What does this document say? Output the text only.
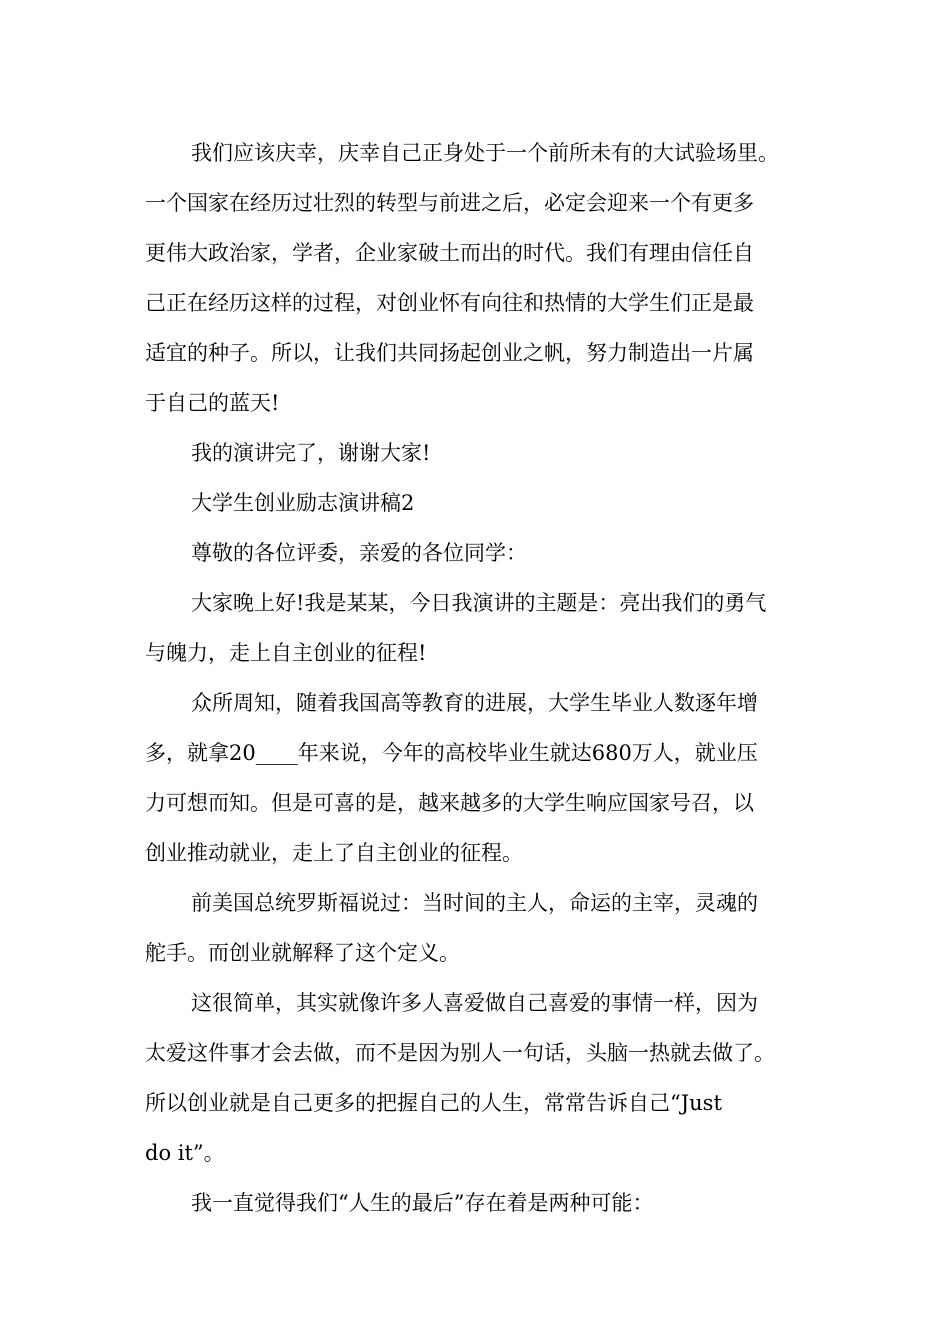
我们应该庆幸，庆幸自己正身处于一个前所未有的大试验场里。
一个国家在经历过壮烈的转型与前进之后，必定会迎来一个有更多
更伟大政治家，学者，企业家破土而出的时代。我们有理由信任自
己正在经历这样的过程，对创业怀有向往和热情的大学生们正是最
适宜的种子。所以，让我们共同扬起创业之帆，努力制造出一片属
于自己的蓝天!
我的演讲完了，谢谢大家!
大学生创业励志演讲稿2
尊敬的各位评委，亲爱的各位同学：
大家晚上好!我是某某，今日我演讲的主题是：亮出我们的勇气
与魄力，走上自主创业的征程!
众所周知，随着我国高等教育的进展，大学生毕业人数逐年增
多，就拿20____年来说，今年的高校毕业生就达680万人，就业压
力可想而知。但是可喜的是，越来越多的大学生响应国家号召，以
创业推动就业，走上了自主创业的征程。
前美国总统罗斯福说过：当时间的主人，命运的主宰，灵魂的
舵手。而创业就解释了这个定义。
这很简单，其实就像许多人喜爱做自己喜爱的事情一样，因为
太爱这件事才会去做，而不是因为别人一句话，头脑一热就去做了。
所以创业就是自己更多的把握自己的人生，常常告诉自己“Just
do it”。
我一直觉得我们“人生的最后”存在着是两种可能：
